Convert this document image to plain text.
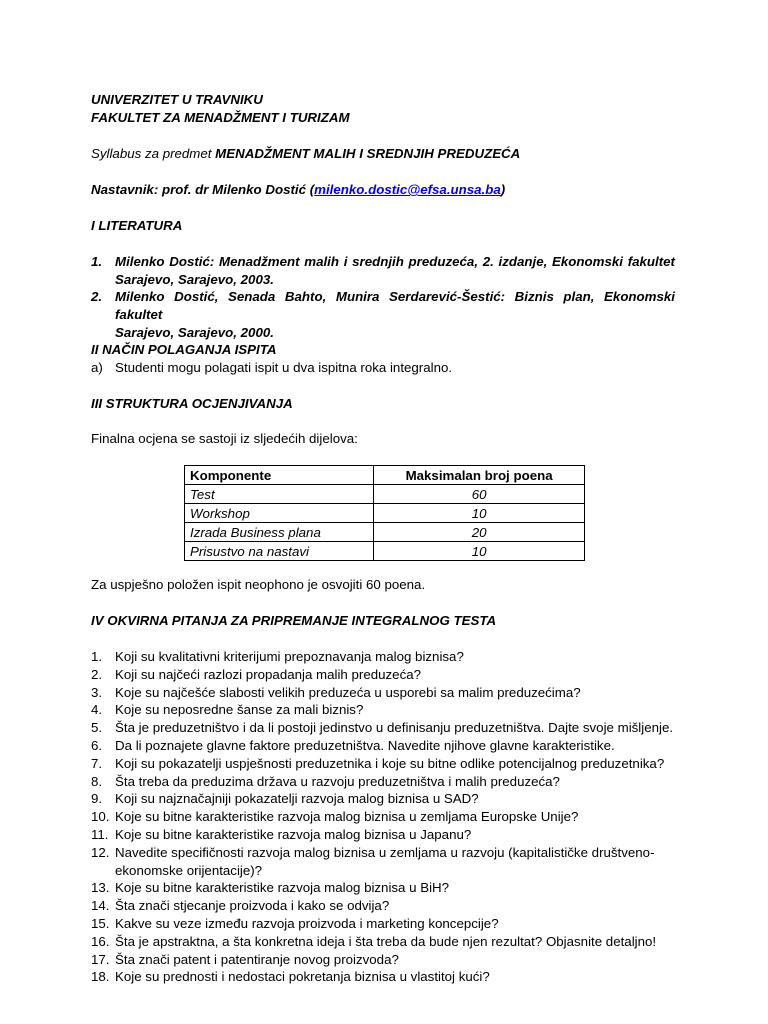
UNIVERZITET U TRAVNIKU
FAKULTET ZA MENADŽMENT I TURIZAM
Syllabus za predmet MENADŽMENT MALIH I SREDNJIH PREDUZEĆA
Nastavnik: prof. dr Milenko Dostić (milenko.dostic@efsa.unsa.ba)
I LITERATURA
1. Milenko Dostić: Menadžment malih i srednjih preduzeća, 2. izdanje, Ekonomski fakultet
Sarajevo, Sarajevo, 2003.
2. Milenko Dostić, Senada Bahto, Munira Serdarević-Šestić: Biznis plan, Ekonomski fakultet
Sarajevo, Sarajevo, 2000.
II NAČIN POLAGANJA ISPITA
a) Studenti mogu polagati ispit u dva ispitna roka integralno.
III STRUKTURA OCJENJIVANJA
Finalna ocjena se sastoji iz sljedećih dijelova:
Komponente	Maksimalan broj poena
Test	60
Workshop	10
Izrada Business plana	20
Prisustvo na nastavi	10
Za uspješno položen ispit neophono je osvojiti 60 poena.
IV OKVIRNA PITANJA ZA PRIPREMANJE INTEGRALNOG TESTA
1. Koji su kvalitativni kriterijumi prepoznavanja malog biznisa?
2. Koji su najčeći razlozi propadanja malih preduzeća?
3. Koje su najčešće slabosti velikih preduzeća u usporebi sa malim preduzećima?
4. Koje su neposredne šanse za mali biznis?
5. Šta je preduzetništvo i da li postoji jedinstvo u definisanju preduzetništva. Dajte svoje mišljenje.
6. Da li poznajete glavne faktore preduzetništva. Navedite njihove glavne karakteristike.
7. Koji su pokazatelji uspješnosti preduzetnika i koje su bitne odlike potencijalnog preduzetnika?
8. Šta treba da preduzima država u razvoju preduzetništva i malih preduzeća?
9. Koji su najznačajniji pokazatelji razvoja malog biznisa u SAD?
10. Koje su bitne karakteristike razvoja malog biznisa u zemljama Europske Unije?
11. Koje su bitne karakteristike razvoja malog biznisa u Japanu?
12. Navedite specifičnosti razvoja malog biznisa u zemljama u razvoju (kapitalističke društveno-
ekonomske orijentacije)?
13. Koje su bitne karakteristike razvoja malog biznisa u BiH?
14. Šta znači stjecanje proizvoda i kako se odvija?
15. Kakve su veze između razvoja proizvoda i marketing koncepcije?
16. Šta je apstraktna, a šta konkretna ideja i šta treba da bude njen rezultat? Objasnite detaljno!
17. Šta znači patent i patentiranje novog proizvoda?
18. Koje su prednosti i nedostaci pokretanja biznisa u vlastitoj kući?
